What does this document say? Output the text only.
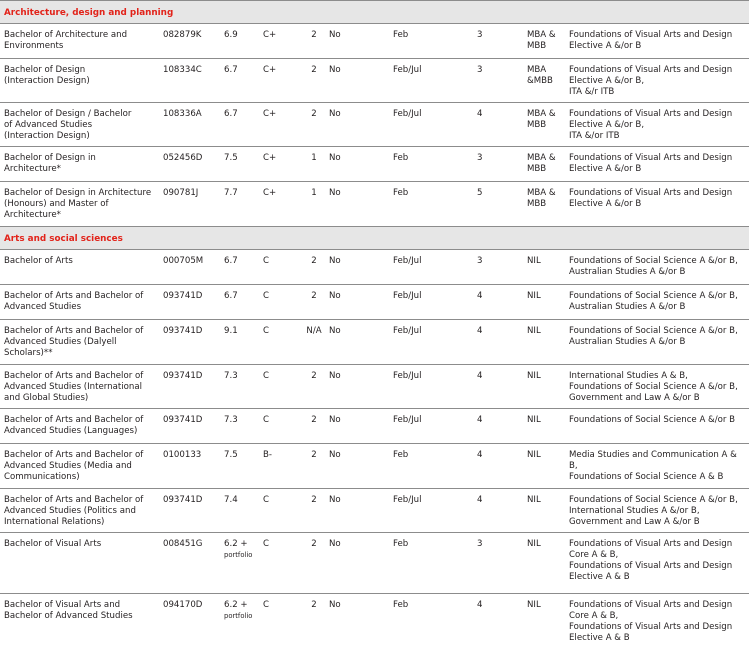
Architecture, design and planning									

Bachelor of Architecture and
Environments	082879K	6.9	C+	2	No	Feb	3	MBA &
MBB	Foundations of Visual Arts and Design
Elective A &/or B

Bachelor of Design
(Interaction Design)	108334C	6.7	C+	2	No	Feb/Jul	3	MBA
&MBB	Foundations of Visual Arts and Design
Elective A &/or B,
ITA &/r ITB

Bachelor of Design / Bachelor
of Advanced Studies
(Interaction Design)	108336A	6.7	C+	2	No	Feb/Jul	4	MBA &
MBB	Foundations of Visual Arts and Design
Elective A &/or B,
ITA &/or ITB

Bachelor of Design in
Architecture*	052456D	7.5	C+	1	No	Feb	3	MBA &
MBB	Foundations of Visual Arts and Design
Elective A &/or B

Bachelor of Design in Architecture
(Honours) and Master of
Architecture*	090781J	7.7	C+	1	No	Feb	5	MBA &
MBB	Foundations of Visual Arts and Design
Elective A &/or B

Arts and social sciences									

Bachelor of Arts	000705M	6.7	C	2	No	Feb/Jul	3	NIL	Foundations of Social Science A &/or B,
Australian Studies A &/or B

Bachelor of Arts and Bachelor of
Advanced Studies	093741D	6.7	C	2	No	Feb/Jul	4	NIL	Foundations of Social Science A &/or B,
Australian Studies A &/or B

Bachelor of Arts and Bachelor of
Advanced Studies (Dalyell
Scholars)**	093741D	9.1	C	N/A	No	Feb/Jul	4	NIL	Foundations of Social Science A &/or B,
Australian Studies A &/or B

Bachelor of Arts and Bachelor of
Advanced Studies (International
and Global Studies)	093741D	7.3	C	2	No	Feb/Jul	4	NIL	International Studies A & B,
Foundations of Social Science A &/or B,
Government and Law A &/or B

Bachelor of Arts and Bachelor of
Advanced Studies (Languages)	093741D	7.3	C	2	No	Feb/Jul	4	NIL	Foundations of Social Science A &/or B

Bachelor of Arts and Bachelor of
Advanced Studies (Media and
Communications)	0100133	7.5	B-	2	No	Feb	4	NIL	Media Studies and Communication A &
B,
Foundations of Social Science A & B

Bachelor of Arts and Bachelor of
Advanced Studies (Politics and
International Relations)	093741D	7.4	C	2	No	Feb/Jul	4	NIL	Foundations of Social Science A &/or B,
International Studies A &/or B,
Government and Law A &/or B

Bachelor of Visual Arts	008451G	6.2 +
portfolio	C	2	No	Feb	3	NIL	Foundations of Visual Arts and Design
Core A & B,
Foundations of Visual Arts and Design
Elective A & B

Bachelor of Visual Arts and
Bachelor of Advanced Studies	094170D	6.2 +
portfolio	C	2	No	Feb	4	NIL	Foundations of Visual Arts and Design
Core A & B,
Foundations of Visual Arts and Design
Elective A & B
